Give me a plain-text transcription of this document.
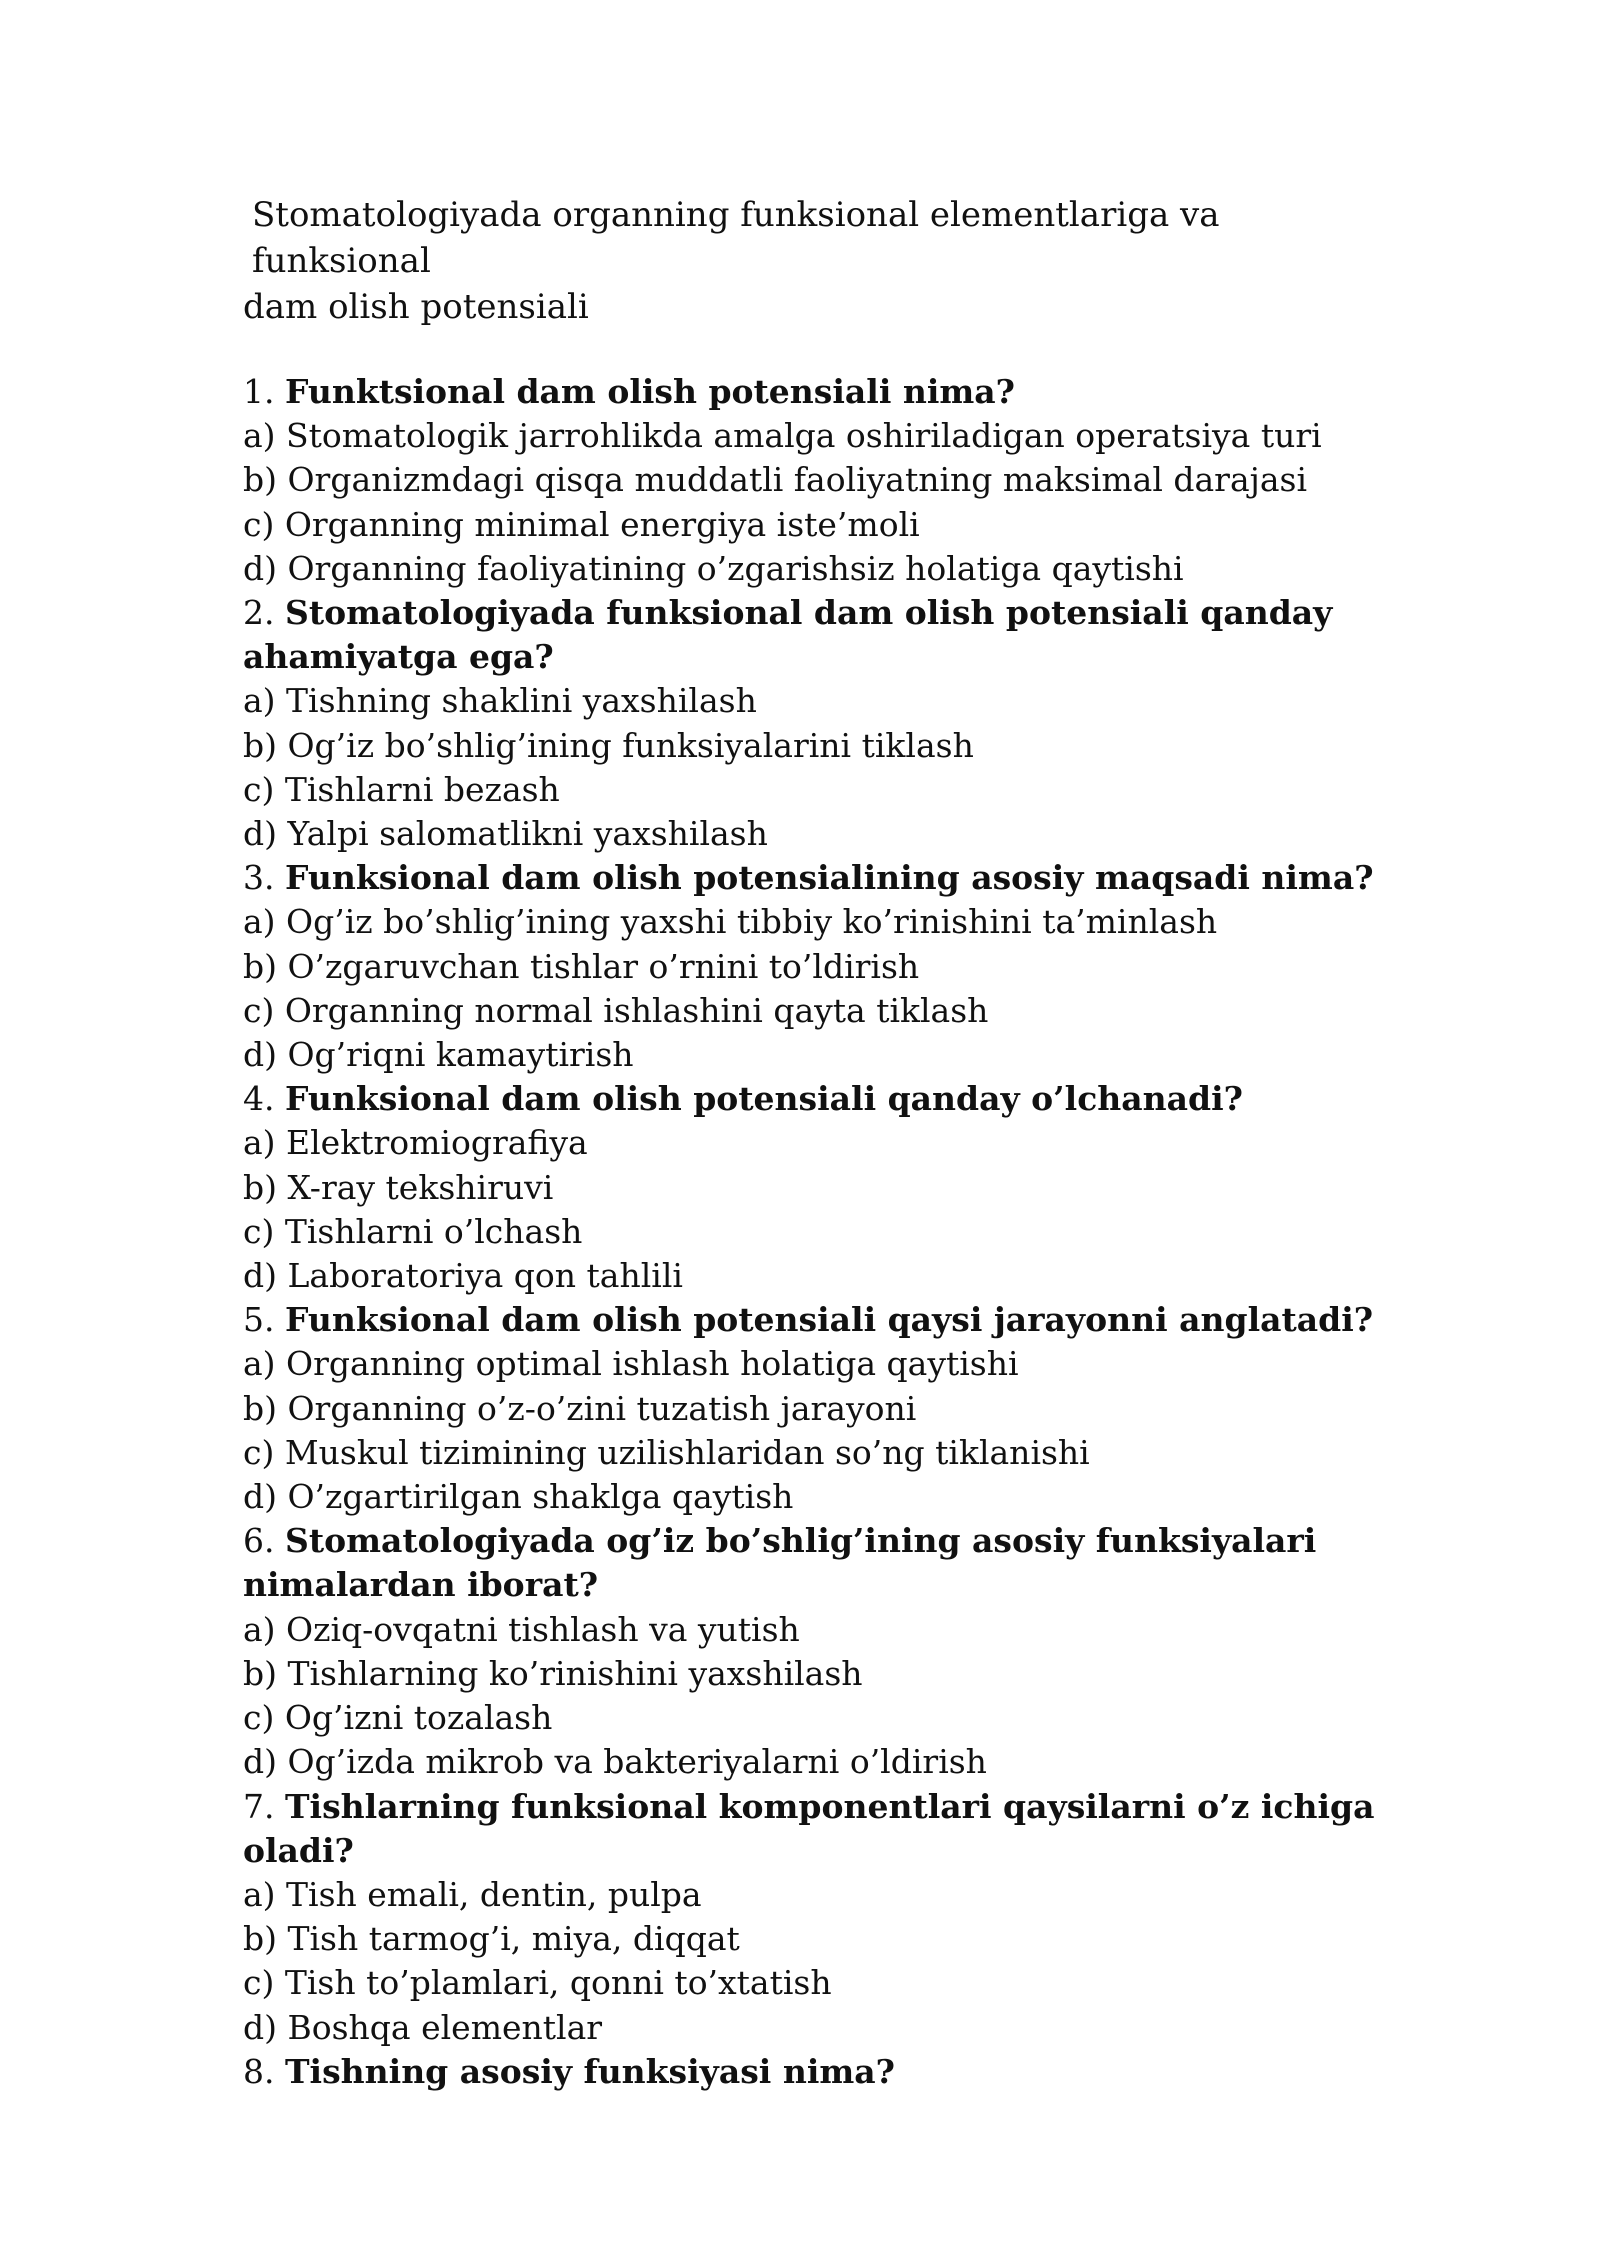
Stomatologiyada organning funksional elementlariga va funksional
dam olish potensiali
1. Funktsional dam olish potensiali nima?
a) Stomatologik jarrohlikda amalga oshiriladigan operatsiya turi
b) Organizmdagi qisqa muddatli faoliyatning maksimal darajasi
c) Organning minimal energiya iste’moli
d) Organning faoliyatining o’zgarishsiz holatiga qaytishi
2. Stomatologiyada funksional dam olish potensiali qanday ahamiyatga ega?
a) Tishning shaklini yaxshilash
b) Og’iz bo’shlig’ining funksiyalarini tiklash
c) Tishlarni bezash
d) Yalpi salomatlikni yaxshilash
3. Funksional dam olish potensialining asosiy maqsadi nima?
a) Og’iz bo’shlig’ining yaxshi tibbiy ko’rinishini ta’minlash
b) O’zgaruvchan tishlar o’rnini to’ldirish
c) Organning normal ishlashini qayta tiklash
d) Og’riqni kamaytirish
4. Funksional dam olish potensiali qanday o’lchanadi?
a) Elektromiografiya
b) X-ray tekshiruvi
c) Tishlarni o’lchash
d) Laboratoriya qon tahlili
5. Funksional dam olish potensiali qaysi jarayonni anglatadi?
a) Organning optimal ishlash holatiga qaytishi
b) Organning o’z-o’zini tuzatish jarayoni
c) Muskul tizimining uzilishlaridan so’ng tiklanishi
d) O’zgartirilgan shaklga qaytish
6. Stomatologiyada og’iz bo’shlig’ining asosiy funksiyalari nimalardan iborat?
a) Oziq-ovqatni tishlash va yutish
b) Tishlarning ko’rinishini yaxshilash
c) Og’izni tozalash
d) Og’izda mikrob va bakteriyalarni o’ldirish
7. Tishlarning funksional komponentlari qaysilarni o’z ichiga oladi?
a) Tish emali, dentin, pulpa
b) Tish tarmog’i, miya, diqqat
c) Tish to’plamlari, qonni to’xtatish
d) Boshqa elementlar
8. Tishning asosiy funksiyasi nima?
